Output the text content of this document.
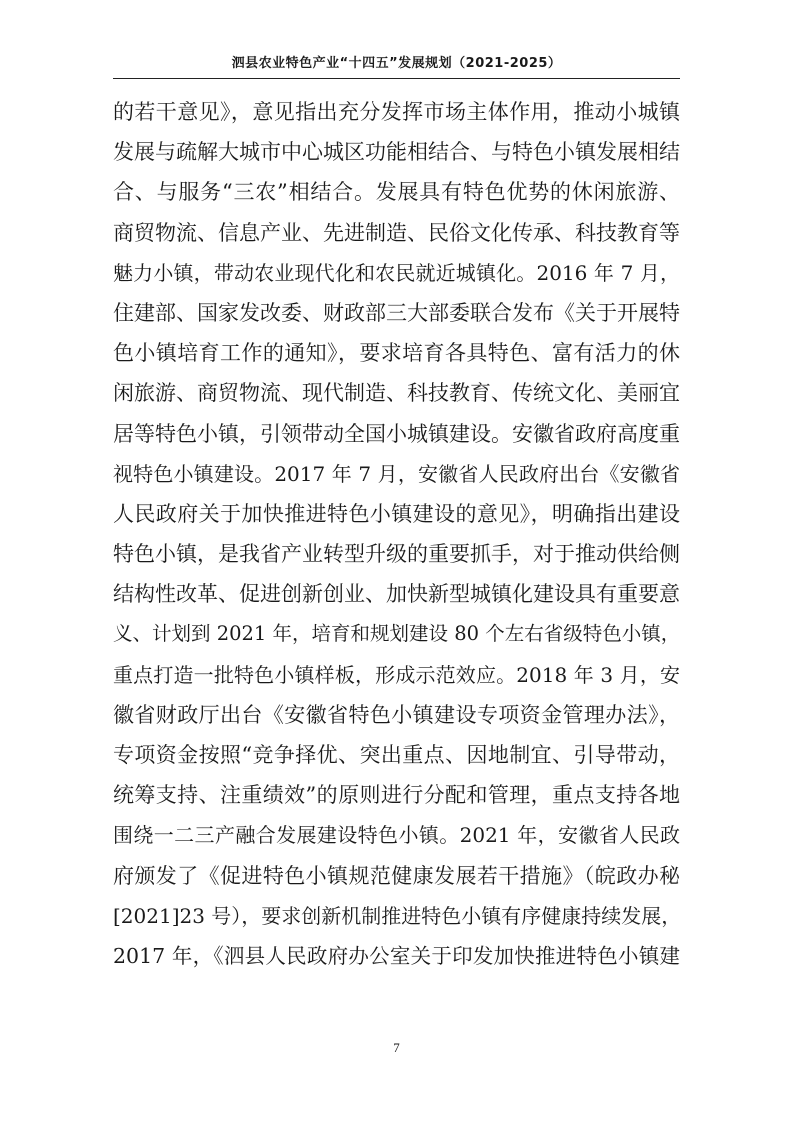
泗县农业特色产业“十四五”发展规划（2021-2025）
的若干意见》，意见指出充分发挥市场主体作用，推动小城镇
发展与疏解大城市中心城区功能相结合、与特色小镇发展相结
合、与服务“三农”相结合。发展具有特色优势的休闲旅游、
商贸物流、信息产业、先进制造、民俗文化传承、科技教育等
魅力小镇，带动农业现代化和农民就近城镇化。2016 年 7 月，
住建部、国家发改委、财政部三大部委联合发布《关于开展特
色小镇培育工作的通知》，要求培育各具特色、富有活力的休
闲旅游、商贸物流、现代制造、科技教育、传统文化、美丽宜
居等特色小镇，引领带动全国小城镇建设。安徽省政府高度重
视特色小镇建设。2017 年 7 月，安徽省人民政府出台《安徽省
人民政府关于加快推进特色小镇建设的意见》，明确指出建设
特色小镇，是我省产业转型升级的重要抓手，对于推动供给侧
结构性改革、促进创新创业、加快新型城镇化建设具有重要意
义、计划到 2021 年，培育和规划建设 80 个左右省级特色小镇，
重点打造一批特色小镇样板，形成示范效应。2018 年 3 月，安
徽省财政厅出台《安徽省特色小镇建设专项资金管理办法》，
专项资金按照“竞争择优、突出重点、因地制宜、引导带动，
统筹支持、注重绩效”的原则进行分配和管理，重点支持各地
围绕一二三产融合发展建设特色小镇。2021 年，安徽省人民政
府颁发了《促进特色小镇规范健康发展若干措施》（皖政办秘
[2021]23 号），要求创新机制推进特色小镇有序健康持续发展，
2017 年，《泗县人民政府办公室关于印发加快推进特色小镇建
7
